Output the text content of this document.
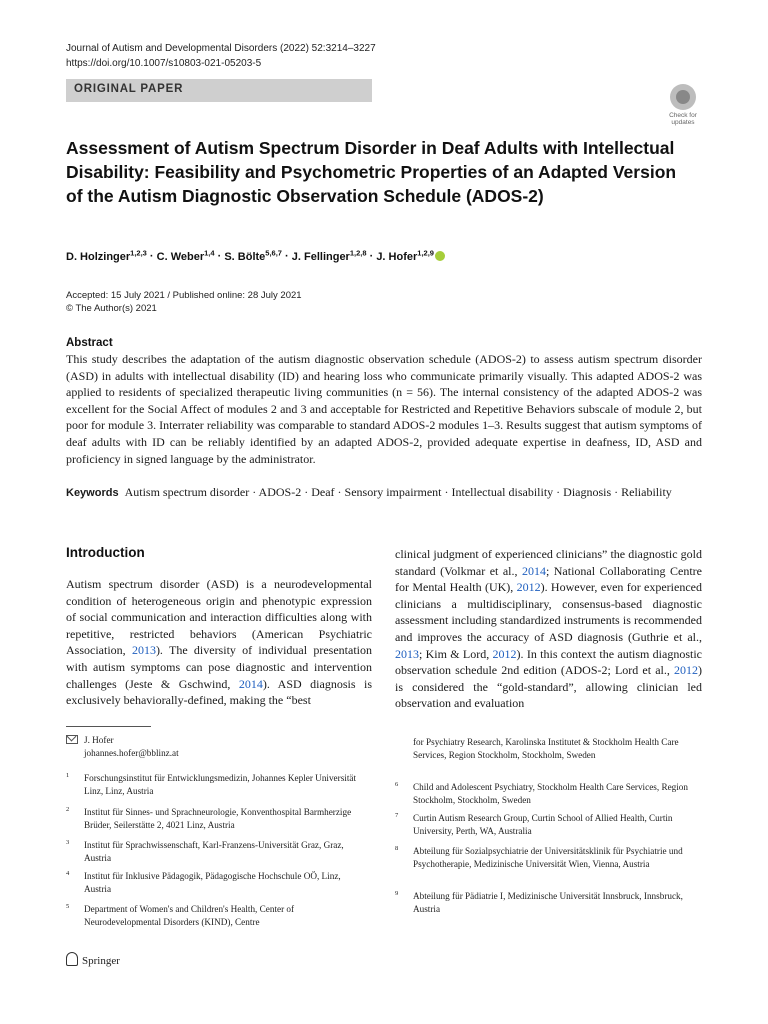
Journal of Autism and Developmental Disorders (2022) 52:3214–3227
https://doi.org/10.1007/s10803-021-05203-5
ORIGINAL PAPER
Check for
updates
Assessment of Autism Spectrum Disorder in Deaf Adults with Intellectual Disability: Feasibility and Psychometric Properties of an Adapted Version of the Autism Diagnostic Observation Schedule (ADOS-2)
D. Holzinger$^{1,2,3}$ · C. Weber$^{1,4}$ · S. Bölte$^{5,6,7}$ · J. Fellinger$^{1,2,8}$ · J. Hofer$^{1,2,9}$
Accepted: 15 July 2021 / Published online: 28 July 2021
© The Author(s) 2021
Abstract
This study describes the adaptation of the autism diagnostic observation schedule (ADOS-2) to assess autism spectrum disorder (ASD) in adults with intellectual disability (ID) and hearing loss who communicate primarily visually. This adapted ADOS-2 was applied to residents of specialized therapeutic living communities (n = 56). The internal consistency of the adapted ADOS-2 was excellent for the Social Affect of modules 2 and 3 and acceptable for Restricted and Repetitive Behaviors subscale of module 2, but poor for module 3. Interrater reliability was comparable to standard ADOS-2 modules 1–3. Results suggest that autism symptoms of deaf adults with ID can be reliably identified by an adapted ADOS-2, provided adequate expertise in deafness, ID, ASD and proficiency in signed language by the administrator.
Keywords Autism spectrum disorder · ADOS-2 · Deaf · Sensory impairment · Intellectual disability · Diagnosis · Reliability
Introduction
Autism spectrum disorder (ASD) is a neurodevelopmental condition of heterogeneous origin and phenotypic expression of social communication and interaction difficulties along with repetitive, restricted behaviors (American Psychiatric Association, 2013). The diversity of individual presentation with autism symptoms can pose diagnostic and intervention challenges (Jeste & Gschwind, 2014). ASD diagnosis is exclusively behaviorally-defined, making the “best
clinical judgment of experienced clinicians” the diagnostic gold standard (Volkmar et al., 2014; National Collaborating Centre for Mental Health (UK), 2012). However, even for experienced clinicians a multidisciplinary, consensus-based diagnostic assessment including standardized instruments is recommended and improves the accuracy of ASD diagnosis (Guthrie et al., 2013; Kim & Lord, 2012). In this context the autism diagnostic observation schedule 2nd edition (ADOS-2; Lord et al., 2012) is considered the “gold-standard”, allowing clinician led observation and evaluation
J. Hofer
johannes.hofer@bblinz.at
1 Forschungsinstitut für Entwicklungsmedizin, Johannes Kepler Universität Linz, Linz, Austria
2 Institut für Sinnes- und Sprachneurologie, Konventhospital Barmherzige Brüder, Seilerstätte 2, 4021 Linz, Austria
3 Institut für Sprachwissenschaft, Karl-Franzens-Universität Graz, Graz, Austria
4 Institut für Inklusive Pädagogik, Pädagogische Hochschule OÖ, Linz, Austria
5 Department of Women's and Children's Health, Center of Neurodevelopmental Disorders (KIND), Centre
for Psychiatry Research, Karolinska Institutet & Stockholm Health Care Services, Region Stockholm, Stockholm, Sweden
6 Child and Adolescent Psychiatry, Stockholm Health Care Services, Region Stockholm, Stockholm, Sweden
7 Curtin Autism Research Group, Curtin School of Allied Health, Curtin University, Perth, WA, Australia
8 Abteilung für Sozialpsychiatrie der Universitätsklinik für Psychiatrie und Psychotherapie, Medizinische Universität Wien, Vienna, Austria
9 Abteilung für Pädiatrie I, Medizinische Universität Innsbruck, Innsbruck, Austria
Springer
